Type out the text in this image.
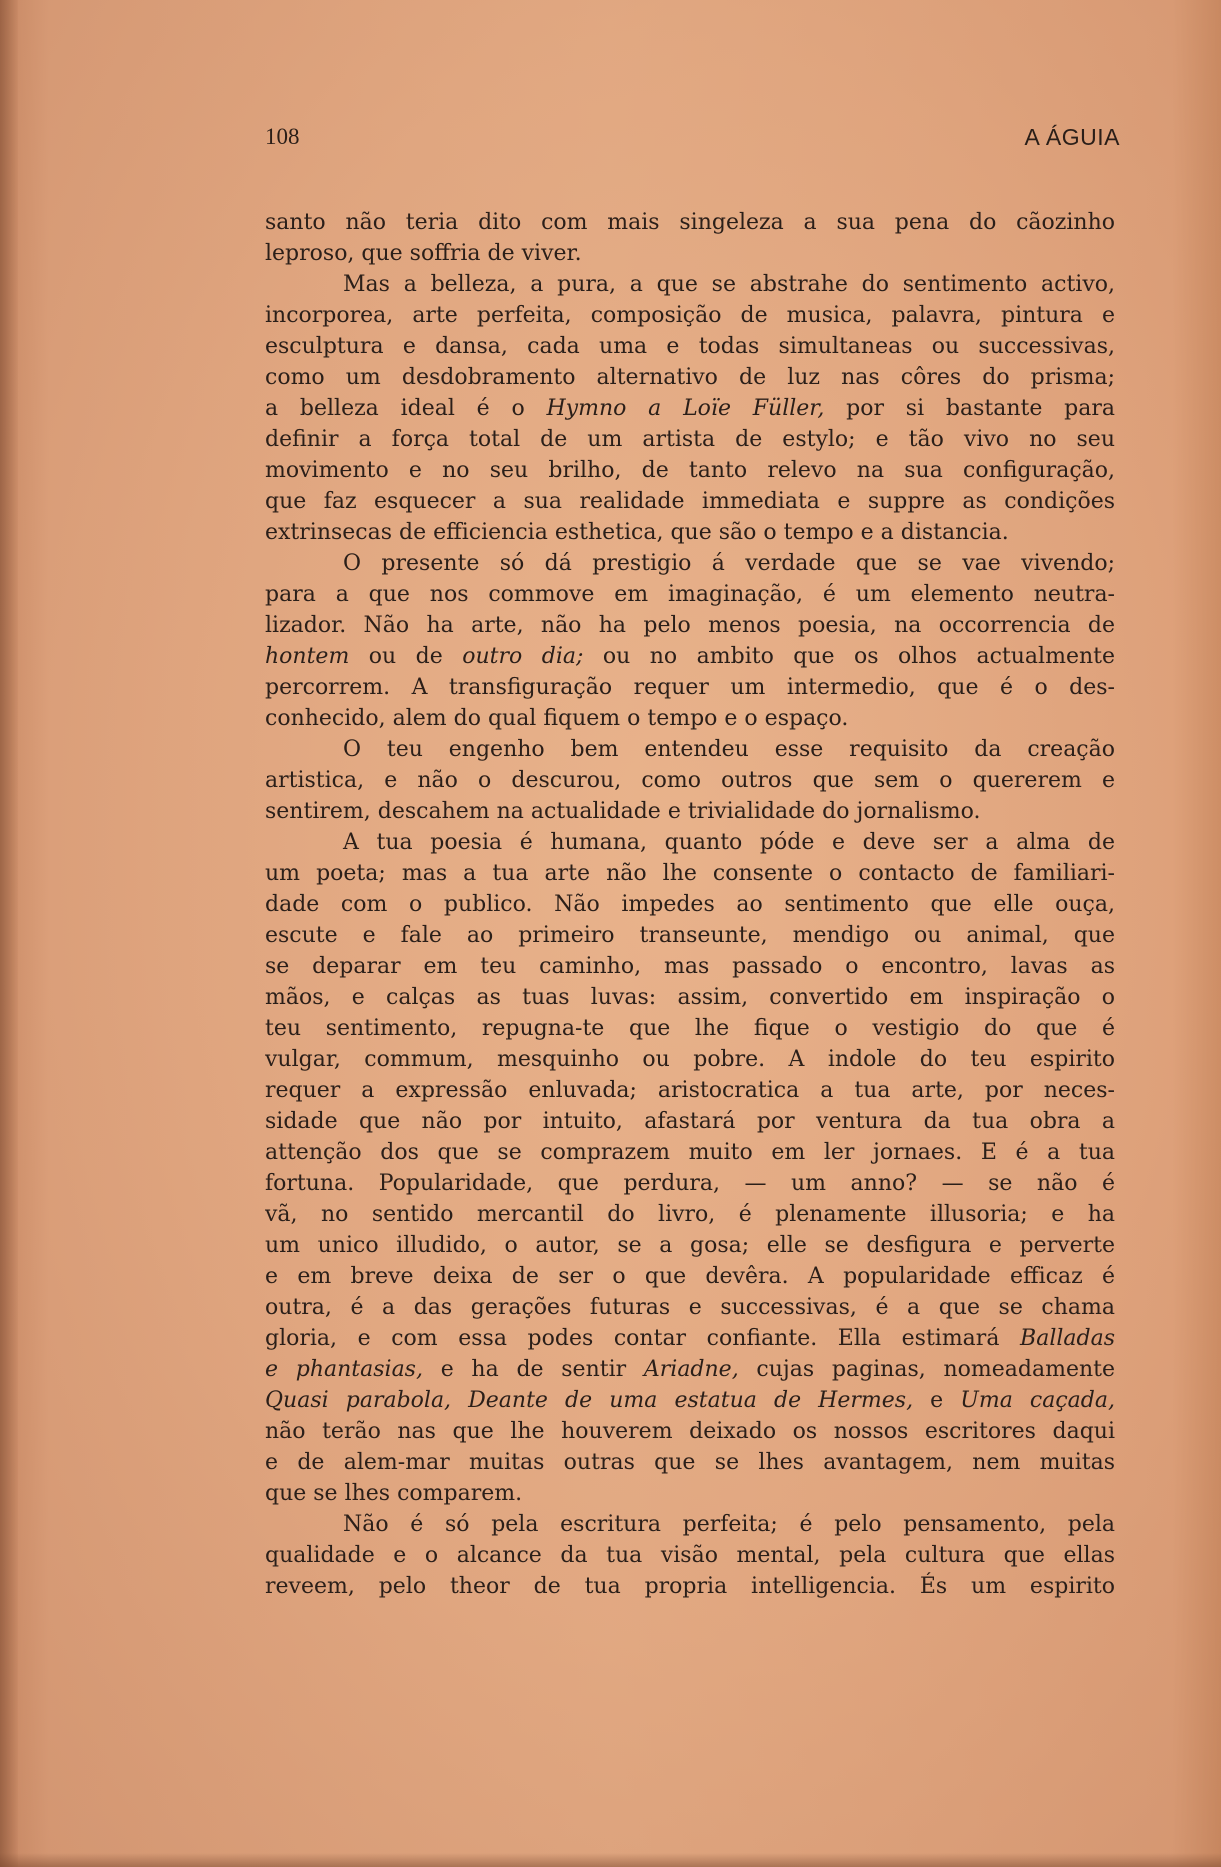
108	A ÁGUIA

santo não teria dito com mais singeleza a sua pena do cãozinho

leproso, que soffria de viver.

Mas a belleza, a pura, a que se abstrahe do sentimento activo,

incorporea, arte perfeita, composição de musica, palavra, pintura e

esculptura e dansa, cada uma e todas simultaneas ou successivas,

como um desdobramento alternativo de luz nas côres do prisma;

a belleza ideal é o Hymno a Loïe Füller, por si bastante para

definir a força total de um artista de estylo; e tão vivo no seu

movimento e no seu brilho, de tanto relevo na sua configuração,

que faz esquecer a sua realidade immediata e suppre as condições

extrinsecas de efficiencia esthetica, que são o tempo e a distancia.

O presente só dá prestigio á verdade que se vae vivendo;

para a que nos commove em imaginação, é um elemento neutra-

lizador. Não ha arte, não ha pelo menos poesia, na occorrencia de

hontem ou de outro dia; ou no ambito que os olhos actualmente

percorrem. A transfiguração requer um intermedio, que é o des-

conhecido, alem do qual fiquem o tempo e o espaço.

O teu engenho bem entendeu esse requisito da creação

artistica, e não o descurou, como outros que sem o quererem e

sentirem, descahem na actualidade e trivialidade do jornalismo.

A tua poesia é humana, quanto póde e deve ser a alma de

um poeta; mas a tua arte não lhe consente o contacto de familiari-

dade com o publico. Não impedes ao sentimento que elle ouça,

escute e fale ao primeiro transeunte, mendigo ou animal, que

se deparar em teu caminho, mas passado o encontro, lavas as

mãos, e calças as tuas luvas: assim, convertido em inspiração o

teu sentimento, repugna-te que lhe fique o vestigio do que é

vulgar, commum, mesquinho ou pobre. A indole do teu espirito

requer a expressão enluvada; aristocratica a tua arte, por neces-

sidade que não por intuito, afastará por ventura da tua obra a

attenção dos que se comprazem muito em ler jornaes. E é a tua

fortuna. Popularidade, que perdura, — um anno? — se não é

vã, no sentido mercantil do livro, é plenamente illusoria; e ha

um unico illudido, o autor, se a gosa; elle se desfigura e perverte

e em breve deixa de ser o que devêra. A popularidade efficaz é

outra, é a das gerações futuras e successivas, é a que se chama

gloria, e com essa podes contar confiante. Ella estimará Balladas

e phantasias, e ha de sentir Ariadne, cujas paginas, nomeadamente

Quasi parabola, Deante de uma estatua de Hermes, e Uma caçada,

não terão nas que lhe houverem deixado os nossos escritores daqui

e de alem-mar muitas outras que se lhes avantagem, nem muitas

que se lhes comparem.

Não é só pela escritura perfeita; é pelo pensamento, pela

qualidade e o alcance da tua visão mental, pela cultura que ellas

reveem, pelo theor de tua propria intelligencia. És um espirito
